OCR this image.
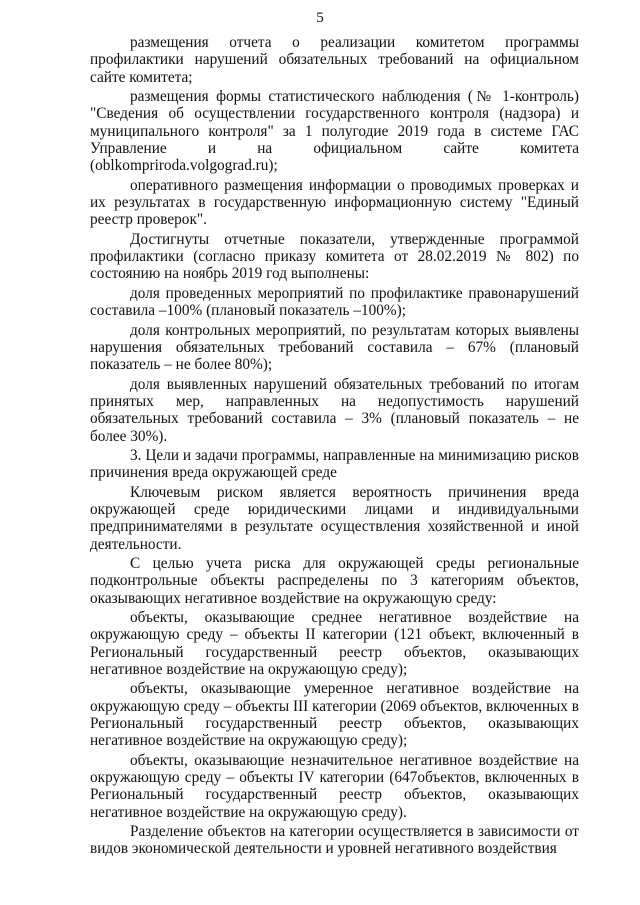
5

размещения отчета о реализации комитетом программы профилактики нарушений обязательных требований на официальном сайте комитета;

размещения формы статистического наблюдения (№ 1-контроль) "Сведения об осуществлении государственного контроля (надзора) и муниципального контроля" за 1 полугодие 2019 года в системе ГАС Управление и на официальном сайте комитета (oblkompriroda.volgograd.ru);

оперативного размещения информации о проводимых проверках и их результатах в государственную информационную систему "Единый реестр проверок".

Достигнуты отчетные показатели, утвержденные программой профилактики (согласно приказу комитета от 28.02.2019 № 802) по состоянию на ноябрь 2019 год выполнены:

доля проведенных мероприятий по профилактике правонарушений составила –100% (плановый показатель –100%);

доля контрольных мероприятий, по результатам которых выявлены нарушения обязательных требований составила – 67% (плановый показатель – не более 80%);

доля выявленных нарушений обязательных требований по итогам принятых мер, направленных на недопустимость нарушений обязательных требований составила – 3% (плановый показатель – не более 30%).

3. Цели и задачи программы, направленные на минимизацию рисков причинения вреда окружающей среде

Ключевым риском является вероятность причинения вреда окружающей среде юридическими лицами и индивидуальными предпринимателями в результате осуществления хозяйственной и иной деятельности.

С целью учета риска для окружающей среды региональные подконтрольные объекты распределены по 3 категориям объектов, оказывающих негативное воздействие на окружающую среду:

объекты, оказывающие среднее негативное воздействие на окружающую среду – объекты II категории (121 объект, включенный в Региональный государственный реестр объектов, оказывающих негативное воздействие на окружающую среду);

объекты, оказывающие умеренное негативное воздействие на окружающую среду – объекты III категории (2069 объектов, включенных в Региональный государственный реестр объектов, оказывающих негативное воздействие на окружающую среду);

объекты, оказывающие незначительное негативное воздействие на окружающую среду – объекты IV категории (647объектов, включенных в Региональный государственный реестр объектов, оказывающих негативное воздействие на окружающую среду).

Разделение объектов на категории осуществляется в зависимости от видов экономической деятельности и уровней негативного воздействия
